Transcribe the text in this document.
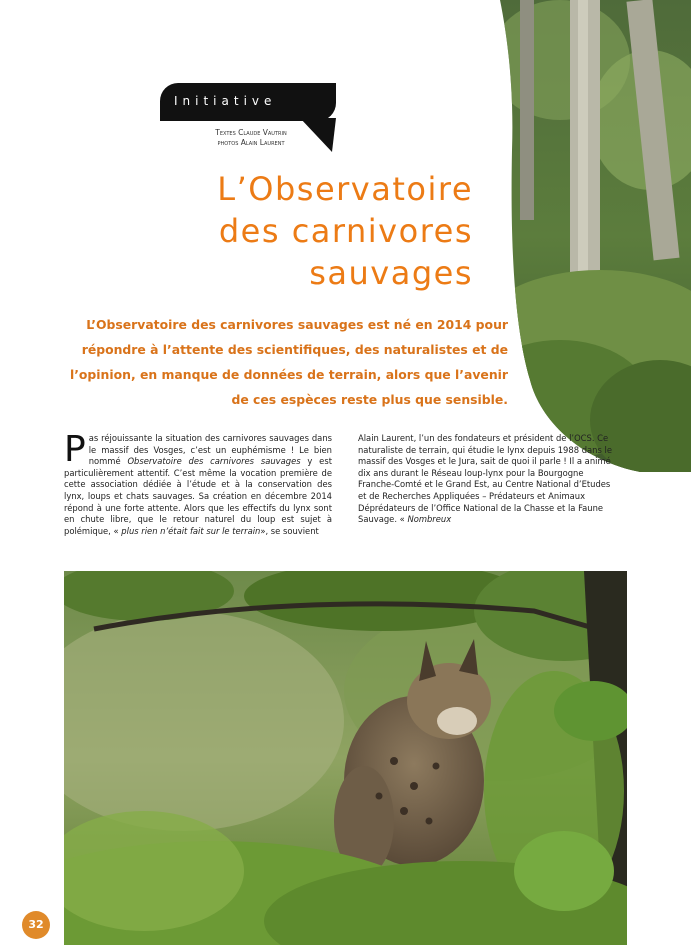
Initiative
Textes Claude Vautrin
photos Alain Laurent
L’Observatoire
des carnivores
sauvages
L’Observatoire des carnivores sauvages est né en 2014 pour répondre à l’attente des scientifiques, des naturalistes et de l’opinion, en manque de données de terrain, alors que l’avenir de ces espèces reste plus que sensible.

Pas réjouissante la situation des carnivores sauvages dans le massif des Vosges, c’est un euphémisme ! Le bien nommé Observatoire des carnivores sauvages y est particulièrement attentif. C’est même la vocation première de cette association dédiée à l’étude et à la conservation des lynx, loups et chats sauvages. Sa création en décembre 2014 répond à une forte attente. Alors que les effectifs du lynx sont en chute libre, que le retour naturel du loup est sujet à polémique, « plus rien n’était fait sur le terrain», se souvient

Alain Laurent, l’un des fondateurs et président de l’OCS. Ce naturaliste de terrain, qui étudie le lynx depuis 1988 dans le massif des Vosges et le Jura, sait de quoi il parle ! Il a animé dix ans durant le Réseau loup-lynx pour la Bourgogne Franche-Comté et le Grand Est, au Centre National d’Etudes et de Recherches Appliquées – Prédateurs et Animaux Déprédateurs de l’Office National de la Chasse et la Faune Sauvage. « Nombreux

32
